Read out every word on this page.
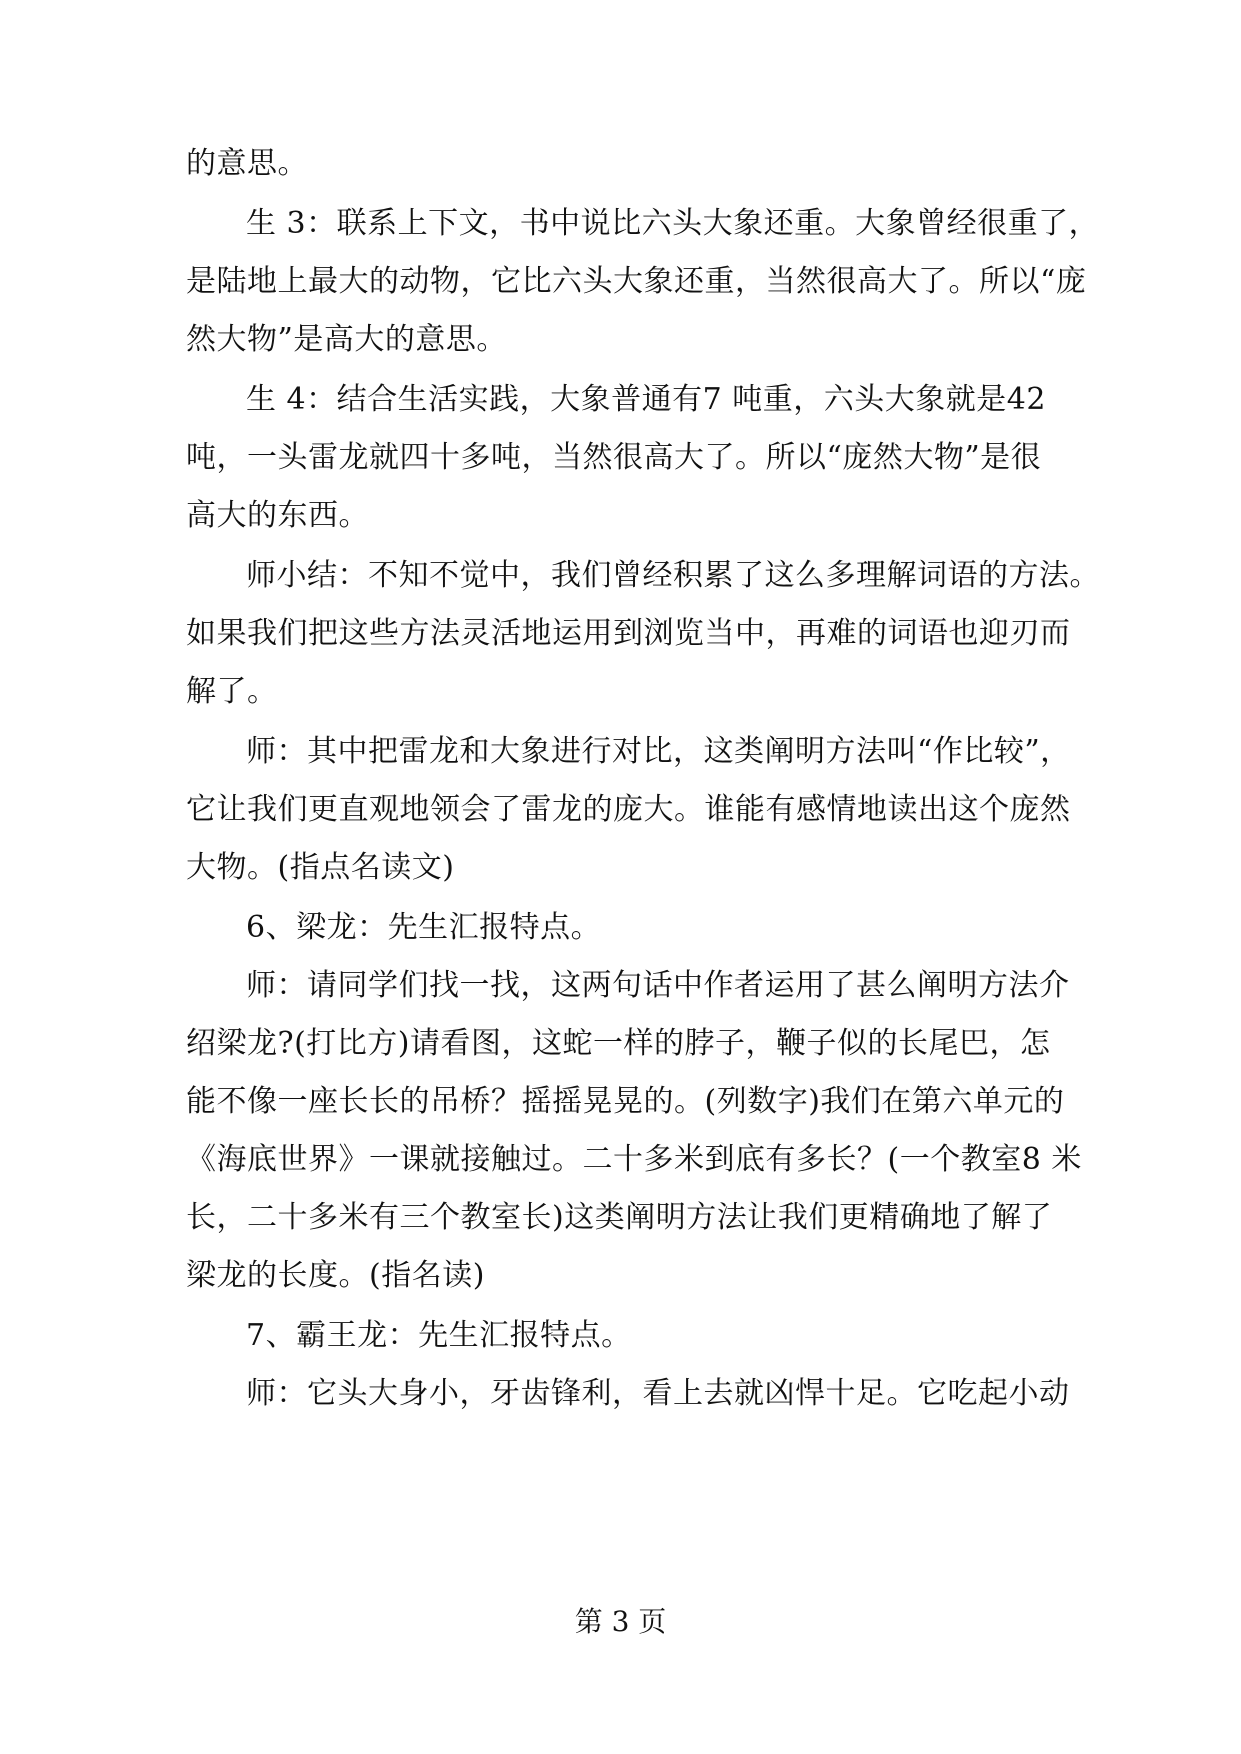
的意思。
生 3：联系上下文，书中说比六头大象还重。大象曾经很重了，
是陆地上最大的动物，它比六头大象还重，当然很高大了。所以“庞
然大物”是高大的意思。
生 4：结合生活实践，大象普通有7 吨重，六头大象就是42
吨，一头雷龙就四十多吨，当然很高大了。所以“庞然大物”是很
高大的东西。
师小结：不知不觉中，我们曾经积累了这么多理解词语的方法。
如果我们把这些方法灵活地运用到浏览当中，再难的词语也迎刃而
解了。
师：其中把雷龙和大象进行对比，这类阐明方法叫“作比较”，
它让我们更直观地领会了雷龙的庞大。谁能有感情地读出这个庞然
大物。(指点名读文)
6、梁龙：先生汇报特点。
师：请同学们找一找，这两句话中作者运用了甚么阐明方法介
绍梁龙?(打比方)请看图，这蛇一样的脖子，鞭子似的长尾巴，怎
能不像一座长长的吊桥？摇摇晃晃的。(列数字)我们在第六单元的
《海底世界》一课就接触过。二十多米到底有多长？(一个教室8 米
长，二十多米有三个教室长)这类阐明方法让我们更精确地了解了
梁龙的长度。(指名读)
7、霸王龙：先生汇报特点。
师：它头大身小，牙齿锋利，看上去就凶悍十足。它吃起小动
第 3 页
